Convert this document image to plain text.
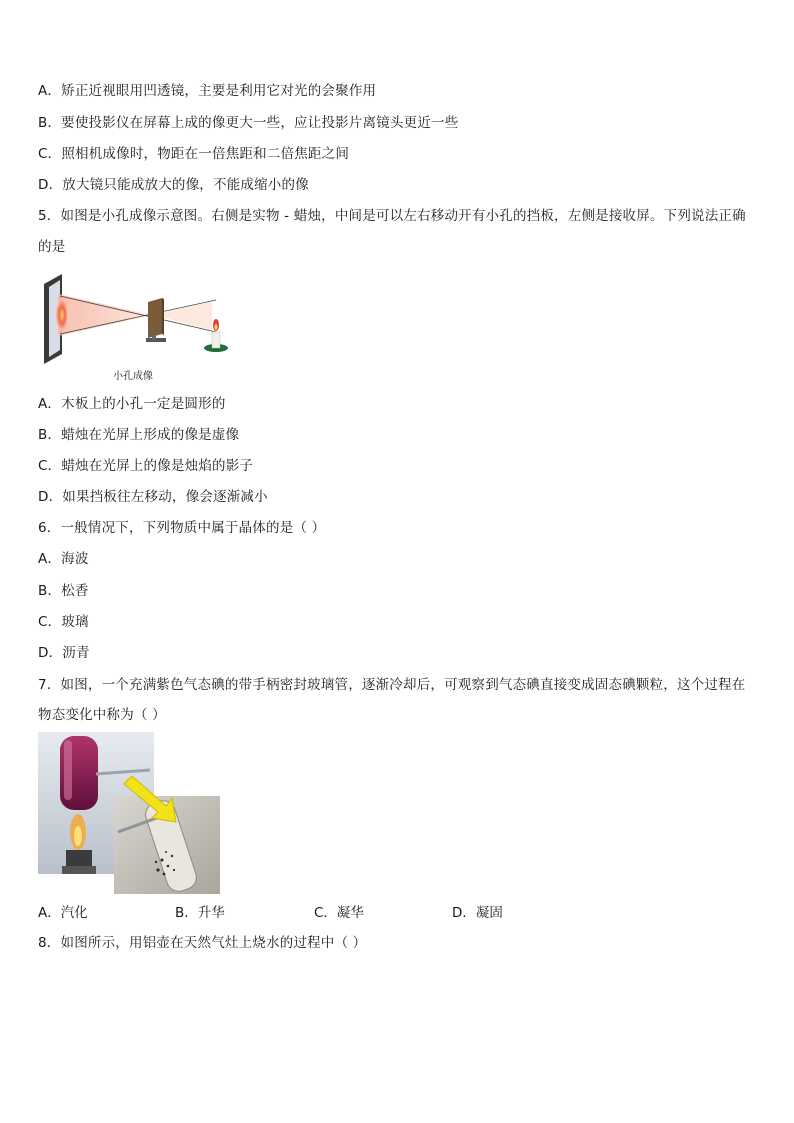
A．矫正近视眼用凹透镜，主要是利用它对光的会聚作用
B．要使投影仪在屏幕上成的像更大一些，应让投影片离镜头更近一些
C．照相机成像时，物距在一倍焦距和二倍焦距之间
D．放大镜只能成放大的像，不能成缩小的像
5．如图是小孔成像示意图。右侧是实物 - 蜡烛，中间是可以左右移动开有小孔的挡板，左侧是接收屏。下列说法正确
的是
小孔成像
A．木板上的小孔一定是圆形的
B．蜡烛在光屏上形成的像是虚像
C．蜡烛在光屏上的像是烛焰的影子
D．如果挡板往左移动，像会逐渐减小
6．一般情况下，下列物质中属于晶体的是（ ）
A．海波
B．松香
C．玻璃
D．沥青
7．如图，一个充满紫色气态碘的带手柄密封玻璃管，逐渐冷却后，可观察到气态碘直接变成固态碘颗粒，这个过程在
物态变化中称为（ ）
A．汽化	B．升华	C．凝华	D．凝固
8．如图所示，用铝壶在天然气灶上烧水的过程中（ ）
